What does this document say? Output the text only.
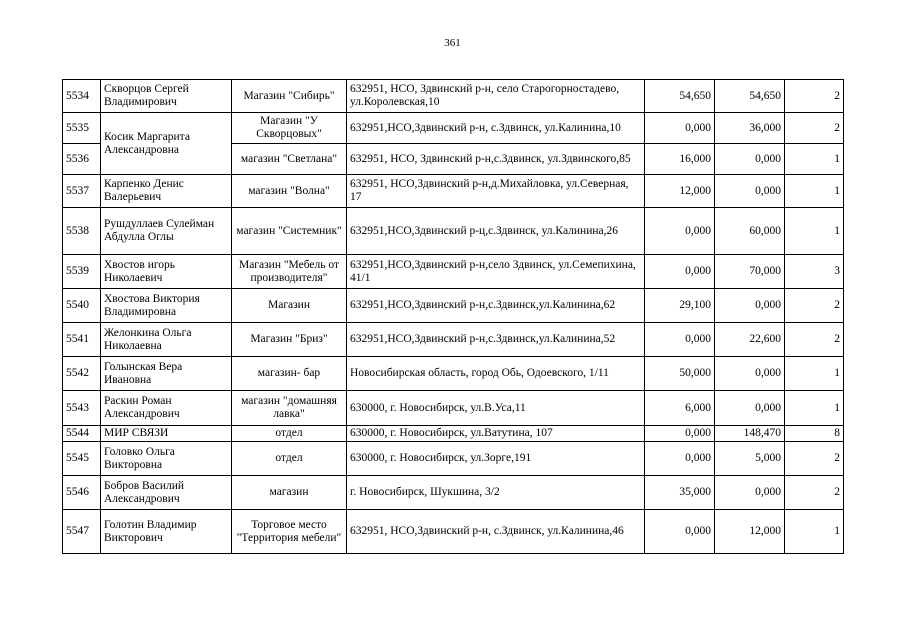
361
5534	Скворцов Сергей Владимирович	Магазин "Сибирь"	632951, НСО, Здвинский р-н, село Старогорностадево, ул.Королевская,10	54,650	54,650	2
5535	Косик Маргарита Александровна	Магазин "У Скворцовых"	632951,НСО,Здвинский р-н, с.Здвинск, ул.Калинина,10	0,000	36,000	2
5536		магазин "Светлана"	632951, НСО, Здвинский р-н,с.Здвинск, ул.Здвинского,85	16,000	0,000	1
5537	Карпенко Денис Валерьевич	магазин "Волна"	632951, НСО,Здвинский р-н,д.Михайловка, ул.Северная, 17	12,000	0,000	1
5538	Рушдуллаев Сулейман Абдулла Оглы	магазин "Системник"	632951,НСО,Здвинский р-ц,с.Здвинск, ул.Калинина,26	0,000	60,000	1
5539	Хвостов игорь Николаевич	Магазин "Мебель от производителя"	632951,НСО,Здвинский р-н,село Здвинск, ул.Семепихина, 41/1	0,000	70,000	3
5540	Хвостова Виктория Владимировна	Магазин	632951,НСО,Здвинский р-н,с.Здвинск,ул.Калинина,62	29,100	0,000	2
5541	Желонкина Ольга Николаевна	Магазин "Бриз"	632951,НСО,Здвинский р-н,с.Здвинск,ул.Калинина,52	0,000	22,600	2
5542	Голынская Вера Ивановна	магазин- бар	Новосибирская область, город Обь, Одоевского, 1/11	50,000	0,000	1
5543	Раскин Роман Александрович	магазин "домашняя лавка"	630000, г. Новосибирск, ул.В.Уса,11	6,000	0,000	1
5544	МИР СВЯЗИ	отдел	630000, г. Новосибирск, ул.Ватутина, 107	0,000	148,470	8
5545	Головко Ольга Викторовна	отдел	630000, г. Новосибирск, ул.Зорге,191	0,000	5,000	2
5546	Бобров Василий Александрович	магазин	г. Новосибирск, Шукшина, 3/2	35,000	0,000	2
5547	Голотин Владимир Викторович	Торговое место "Территория мебели"	632951, НСО,Здвинский р-н, с.Здвинск, ул.Калинина,46	0,000	12,000	1
